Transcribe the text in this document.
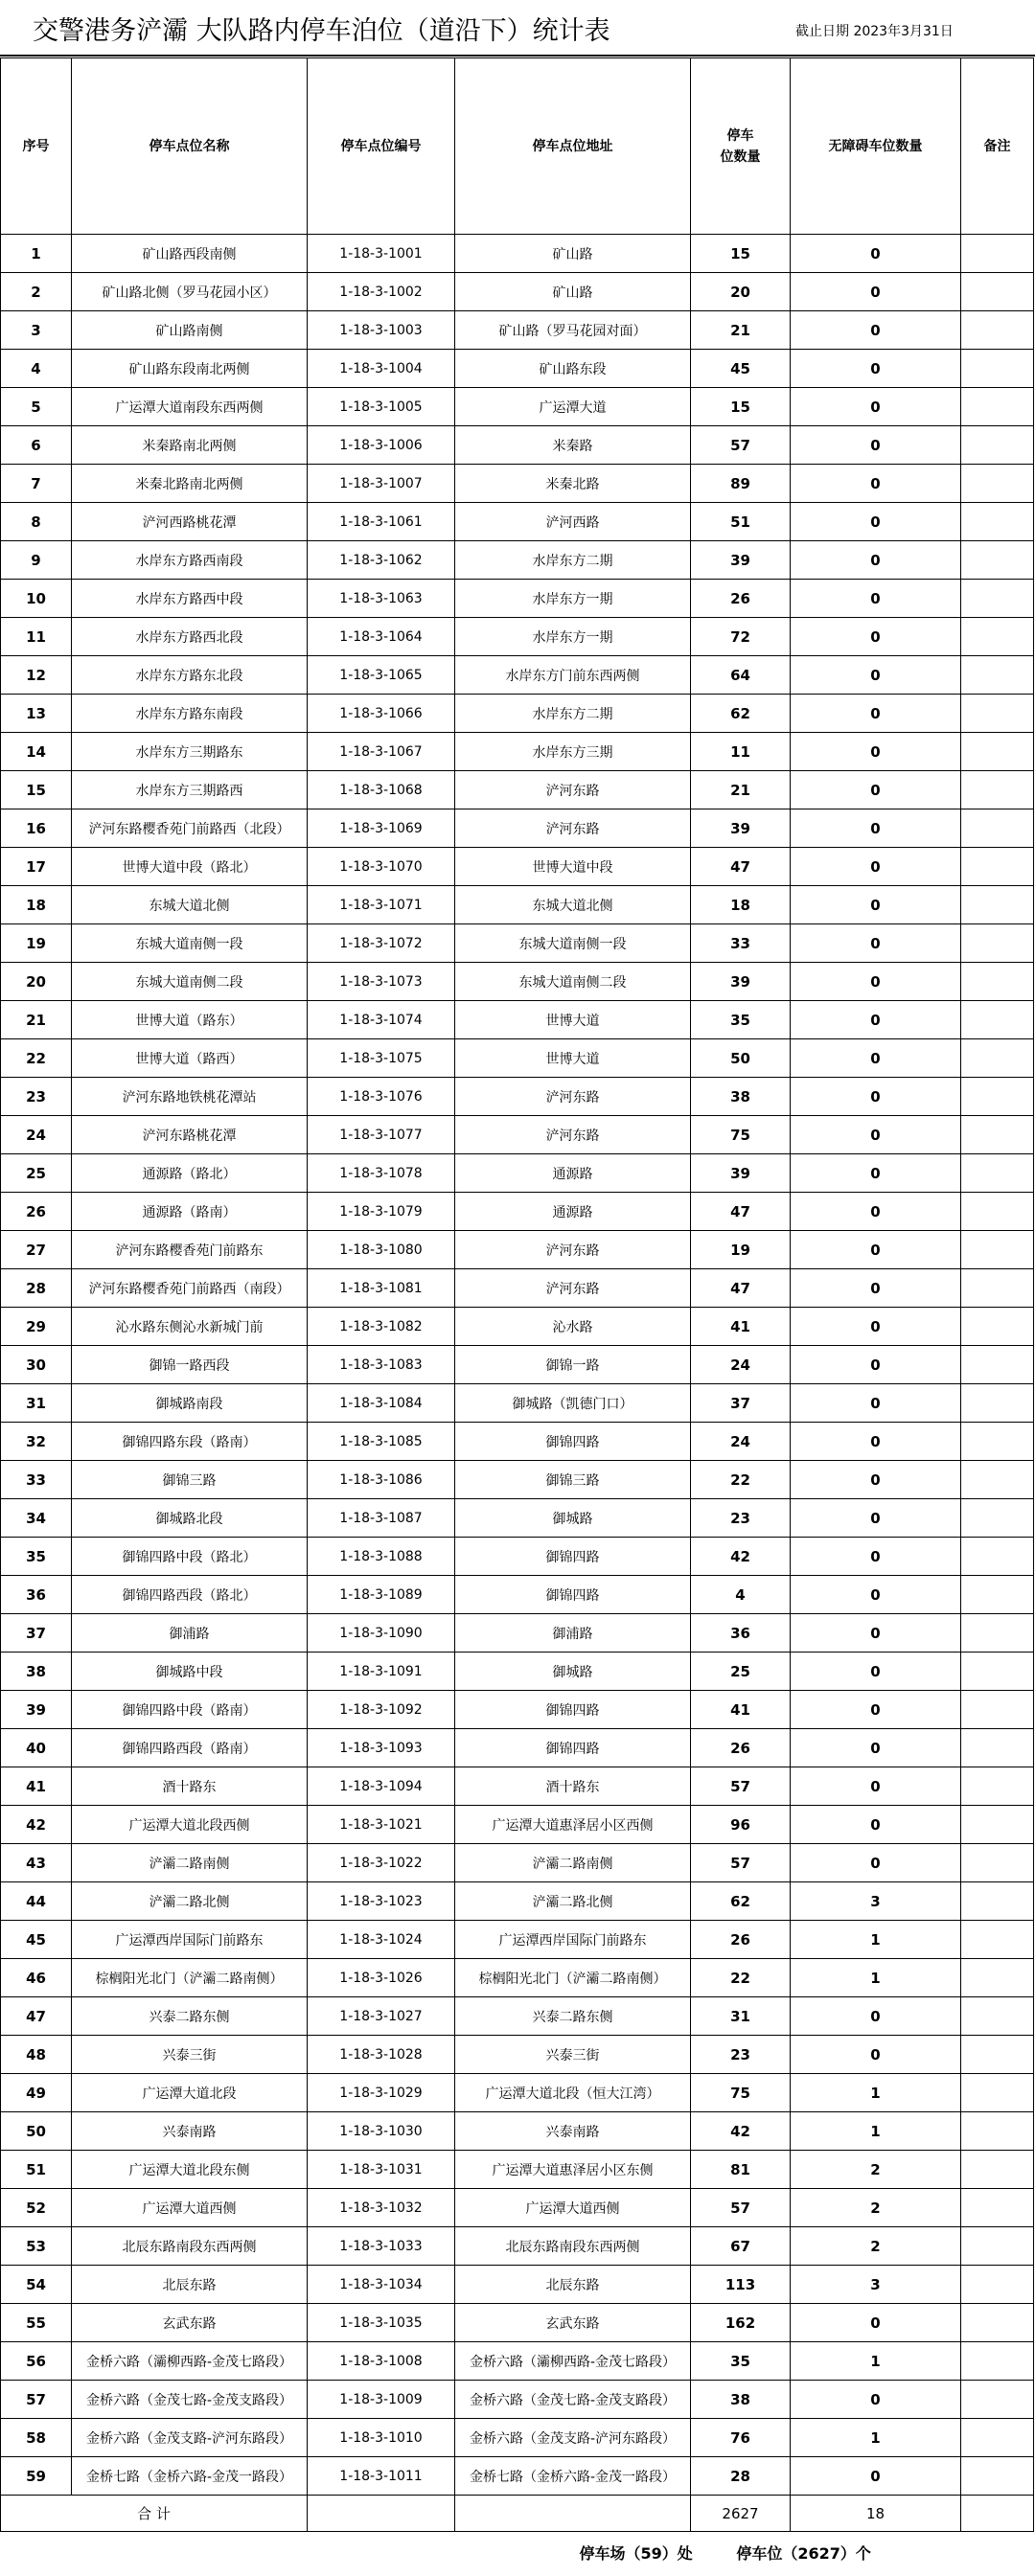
交警港务浐灞 大队路内停车泊位（道沿下）统计表	截止日期 2023年3月31日
序号	停车点位名称	停车点位编号	停车点位地址	停车
位数量	无障碍车位数量	备注
1	矿山路西段南侧	1-18-3-1001	矿山路	15	0	
2	矿山路北侧（罗马花园小区）	1-18-3-1002	矿山路	20	0	
3	矿山路南侧	1-18-3-1003	矿山路（罗马花园对面）	21	0	
4	矿山路东段南北两侧	1-18-3-1004	矿山路东段	45	0	
5	广运潭大道南段东西两侧	1-18-3-1005	广运潭大道	15	0	
6	米秦路南北两侧	1-18-3-1006	米秦路	57	0	
7	米秦北路南北两侧	1-18-3-1007	米秦北路	89	0	
8	浐河西路桃花潭	1-18-3-1061	浐河西路	51	0	
9	水岸东方路西南段	1-18-3-1062	水岸东方二期	39	0	
10	水岸东方路西中段	1-18-3-1063	水岸东方一期	26	0	
11	水岸东方路西北段	1-18-3-1064	水岸东方一期	72	0	
12	水岸东方路东北段	1-18-3-1065	水岸东方门前东西两侧	64	0	
13	水岸东方路东南段	1-18-3-1066	水岸东方二期	62	0	
14	水岸东方三期路东	1-18-3-1067	水岸东方三期	11	0	
15	水岸东方三期路西	1-18-3-1068	浐河东路	21	0	
16	浐河东路樱香苑门前路西（北段）	1-18-3-1069	浐河东路	39	0	
17	世博大道中段（路北）	1-18-3-1070	世博大道中段	47	0	
18	东城大道北侧	1-18-3-1071	东城大道北侧	18	0	
19	东城大道南侧一段	1-18-3-1072	东城大道南侧一段	33	0	
20	东城大道南侧二段	1-18-3-1073	东城大道南侧二段	39	0	
21	世博大道（路东）	1-18-3-1074	世博大道	35	0	
22	世博大道（路西）	1-18-3-1075	世博大道	50	0	
23	浐河东路地铁桃花潭站	1-18-3-1076	浐河东路	38	0	
24	浐河东路桃花潭	1-18-3-1077	浐河东路	75	0	
25	通源路（路北）	1-18-3-1078	通源路	39	0	
26	通源路（路南）	1-18-3-1079	通源路	47	0	
27	浐河东路樱香苑门前路东	1-18-3-1080	浐河东路	19	0	
28	浐河东路樱香苑门前路西（南段）	1-18-3-1081	浐河东路	47	0	
29	沁水路东侧沁水新城门前	1-18-3-1082	沁水路	41	0	
30	御锦一路西段	1-18-3-1083	御锦一路	24	0	
31	御城路南段	1-18-3-1084	御城路（凯德门口）	37	0	
32	御锦四路东段（路南）	1-18-3-1085	御锦四路	24	0	
33	御锦三路	1-18-3-1086	御锦三路	22	0	
34	御城路北段	1-18-3-1087	御城路	23	0	
35	御锦四路中段（路北）	1-18-3-1088	御锦四路	42	0	
36	御锦四路西段（路北）	1-18-3-1089	御锦四路	4	0	
37	御浦路	1-18-3-1090	御浦路	36	0	
38	御城路中段	1-18-3-1091	御城路	25	0	
39	御锦四路中段（路南）	1-18-3-1092	御锦四路	41	0	
40	御锦四路西段（路南）	1-18-3-1093	御锦四路	26	0	
41	酒十路东	1-18-3-1094	酒十路东	57	0	
42	广运潭大道北段西侧	1-18-3-1021	广运潭大道惠泽居小区西侧	96	0	
43	浐灞二路南侧	1-18-3-1022	浐灞二路南侧	57	0	
44	浐灞二路北侧	1-18-3-1023	浐灞二路北侧	62	3	
45	广运潭西岸国际门前路东	1-18-3-1024	广运潭西岸国际门前路东	26	1	
46	棕榈阳光北门（浐灞二路南侧）	1-18-3-1026	棕榈阳光北门（浐灞二路南侧）	22	1	
47	兴泰二路东侧	1-18-3-1027	兴泰二路东侧	31	0	
48	兴泰三街	1-18-3-1028	兴泰三街	23	0	
49	广运潭大道北段	1-18-3-1029	广运潭大道北段（恒大江湾）	75	1	
50	兴泰南路	1-18-3-1030	兴泰南路	42	1	
51	广运潭大道北段东侧	1-18-3-1031	广运潭大道惠泽居小区东侧	81	2	
52	广运潭大道西侧	1-18-3-1032	广运潭大道西侧	57	2	
53	北辰东路南段东西两侧	1-18-3-1033	北辰东路南段东西两侧	67	2	
54	北辰东路	1-18-3-1034	北辰东路	113	3	
55	玄武东路	1-18-3-1035	玄武东路	162	0	
56	金桥六路（灞柳西路-金茂七路段）	1-18-3-1008	金桥六路（灞柳西路-金茂七路段）	35	1	
57	金桥六路（金茂七路-金茂支路段）	1-18-3-1009	金桥六路（金茂七路-金茂支路段）	38	0	
58	金桥六路（金茂支路-浐河东路段）	1-18-3-1010	金桥六路（金茂支路-浐河东路段）	76	1	
59	金桥七路（金桥六路-金茂一路段）	1-18-3-1011	金桥七路（金桥六路-金茂一路段）	28	0	
合 计				2627	18	
			停车场（59）处 停车位（2627）个			
